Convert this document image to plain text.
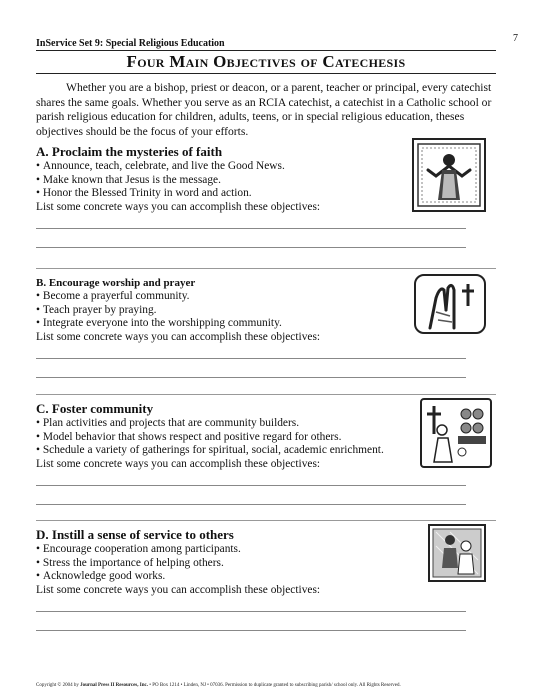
7
InService Set 9: Special Religious Education
Four Main Objectives of Catechesis
Whether you are a bishop, priest or deacon, or a parent, teacher or principal, every catechist shares the same goals. Whether you serve as an RCIA catechist, a catechist in a Catholic school or parish religious education for children, adults, teens, or in special religious education, theses objectives should be the focus of your efforts.

A. Proclaim the mysteries of faith

• Announce, teach, celebrate, and live the Good News.
• Make known that Jesus is the message.
• Honor the Blessed Trinity in word and action.
List some concrete ways you can accomplish these objectives:

B. Encourage worship and prayer

• Become a prayerful community.
• Teach prayer by praying.
• Integrate everyone into the worshipping community.
List some concrete ways you can accomplish these objectives:

C. Foster community

• Plan activities and projects that are community builders.
• Model behavior that shows respect and positive regard for others.
• Schedule a variety of gatherings for spiritual, social, academic enrichment.
List some concrete ways you can accomplish these objectives:

D. Instill a sense of service to others

• Encourage cooperation among participants.
• Stress the importance of helping others.
• Acknowledge good works.
List some concrete ways you can accomplish these objectives:
Copyright © 2004 by Journal Press II Resources, Inc. • PO Box 1214 • Linden, NJ • 07036. Permission to duplicate granted to subscribing parish/ school only. All Rights Reserved.
